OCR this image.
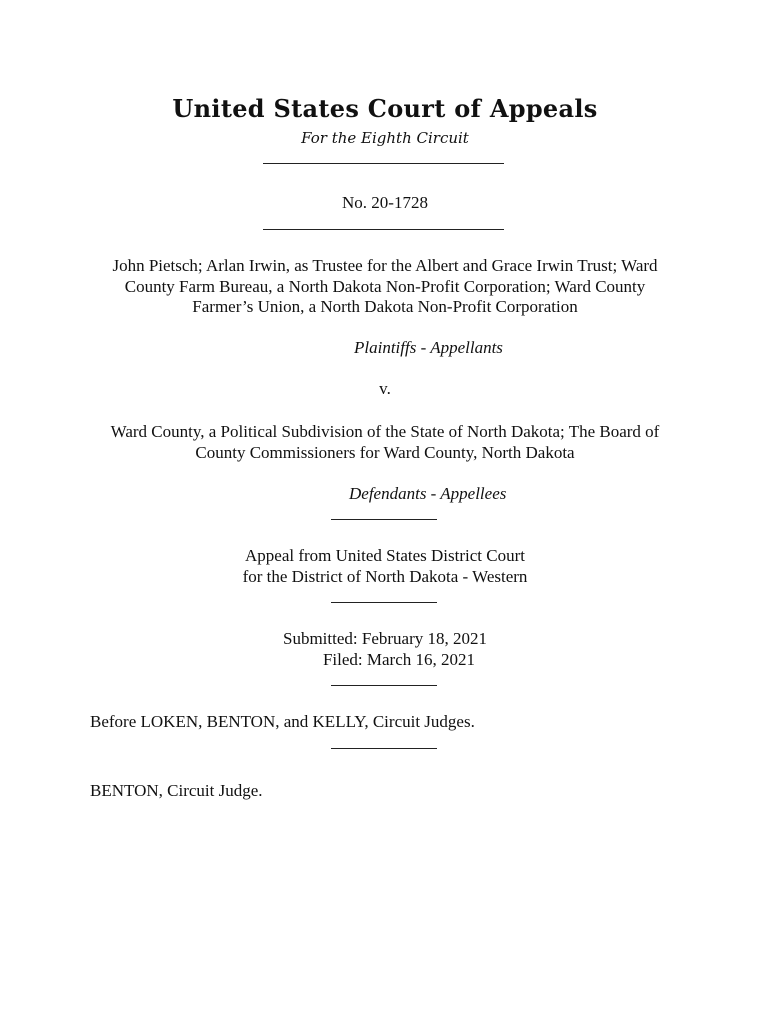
United States Court of Appeals
For the Eighth Circuit
No. 20-1728
John Pietsch; Arlan Irwin, as Trustee for the Albert and Grace Irwin Trust; Ward
County Farm Bureau, a North Dakota Non-Profit Corporation; Ward County
Farmer’s Union, a North Dakota Non-Profit Corporation
Plaintiffs - Appellants
v.
Ward County, a Political Subdivision of the State of North Dakota; The Board of
County Commissioners for Ward County, North Dakota
Defendants - Appellees
Appeal from United States District Court
for the District of North Dakota - Western
Submitted: February 18, 2021
Filed: March 16, 2021
Before LOKEN, BENTON, and KELLY, Circuit Judges.
BENTON, Circuit Judge.
